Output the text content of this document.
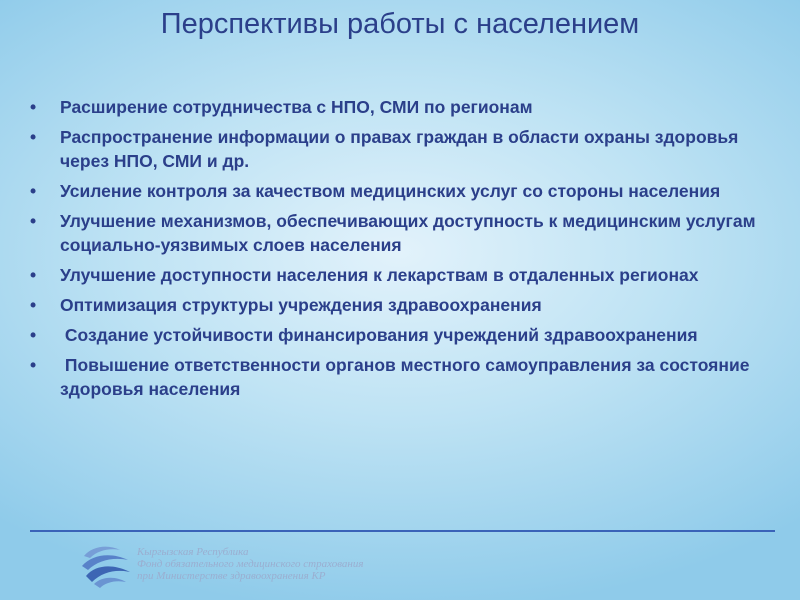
Перспективы работы с населением
•	Расширение сотрудничества с НПО, СМИ по регионам
•	Распространение информации о правах граждан в области охраны здоровья через НПО, СМИ и др.
•	Усиление контроля за качеством медицинских услуг со стороны населения
•	Улучшение механизмов, обеспечивающих доступность к медицинским услугам социально-уязвимых слоев населения
•	Улучшение доступности населения к лекарствам в отдаленных регионах
•	Оптимизация структуры учреждения здравоохранения
•	Создание устойчивости финансирования учреждений здравоохранения
•	Повышение ответственности органов местного самоуправления за состояние здоровья населения
Кыргызская Республика
Фонд обязательного медицинского страхования
при Министерстве здравоохранения КР
